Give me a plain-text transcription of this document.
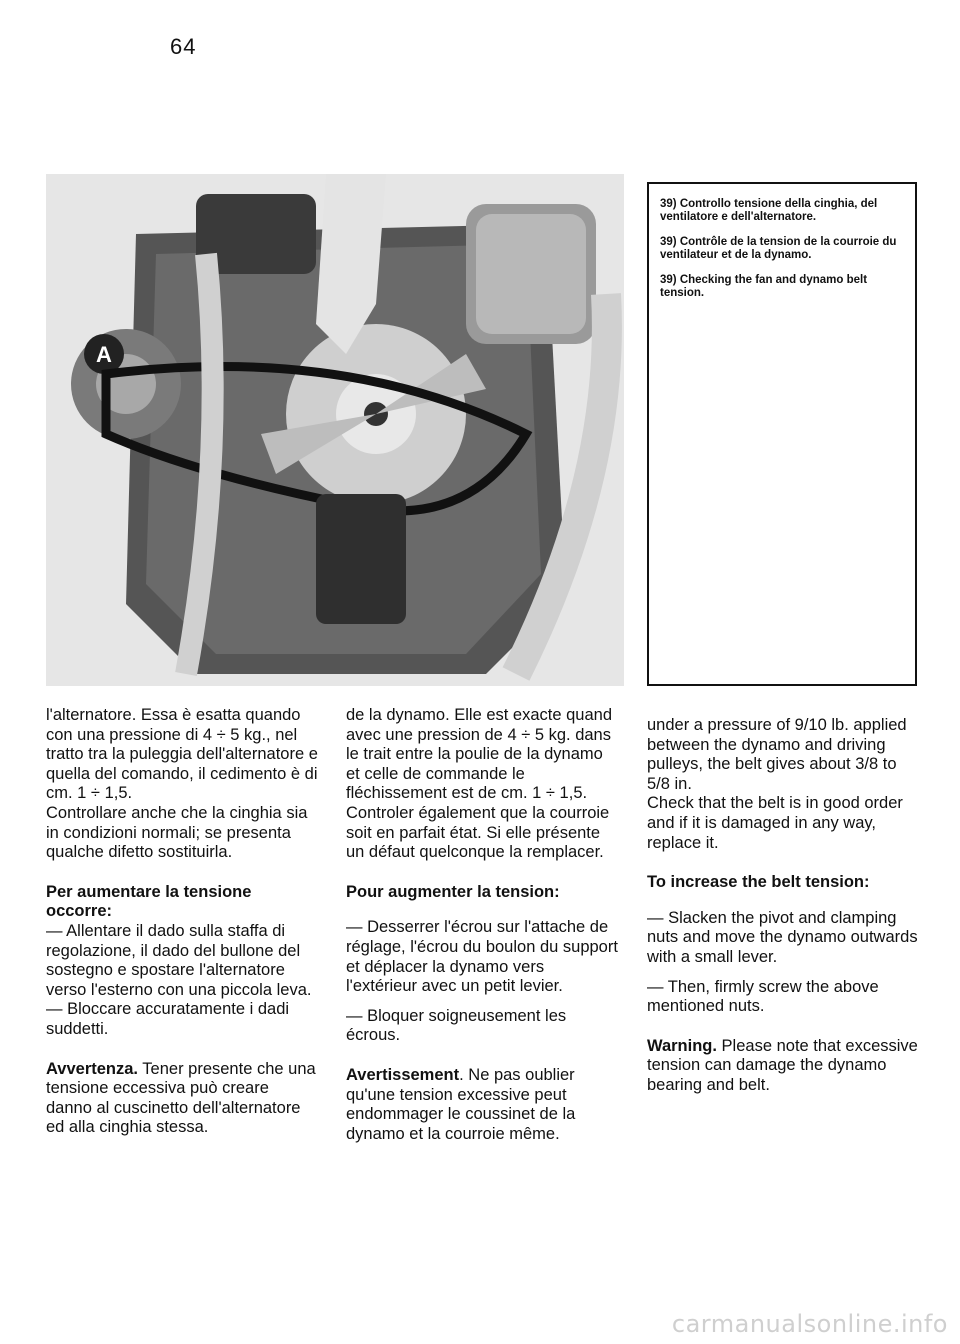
64
A

39) Controllo tensione della cinghia, del ventilatore e dell'alternatore.

39) Contrôle de la tension de la courroie du ventilateur et de la dynamo.

39) Checking the fan and dynamo belt tension.

l'alternatore. Essa è esatta quando con una pressione di 4 ÷ 5 kg., nel tratto tra la puleggia dell'alternatore e quella del comando, il cedimento è di cm. 1 ÷ 1,5.

Controllare anche che la cinghia sia in condizioni normali; se presenta qualche difetto sostituirla.

Per aumentare la tensione occorre:

— Allentare il dado sulla staffa di regolazione, il dado del bullone del sostegno e spostare l'alternatore verso l'esterno con una piccola leva.

— Bloccare accuratamente i dadi suddetti.

Avvertenza. Tener presente che una tensione eccessiva può creare danno al cuscinetto dell'alternatore ed alla cinghia stessa.

de la dynamo. Elle est exacte quand avec une pression de 4 ÷ 5 kg. dans le trait entre la poulie de la dynamo et celle de commande le fléchissement est de cm. 1 ÷ 1,5.

Controler également que la courroie soit en parfait état. Si elle présente un défaut quelconque la remplacer.

Pour augmenter la tension:

— Desserrer l'écrou sur l'attache de réglage, l'écrou du boulon du support et déplacer la dynamo vers l'extérieur avec un petit levier.

— Bloquer soigneusement les écrous.

Avertissement. Ne pas oublier qu'une tension excessive peut endommager le coussinet de la dynamo et la courroie même.

under a pressure of 9/10 lb. applied between the dynamo and driving pulleys, the belt gives about 3/8 to 5/8 in.

Check that the belt is in good order and if it is damaged in any way, replace it.

To increase the belt tension:

— Slacken the pivot and clamping nuts and move the dynamo outwards with a small lever.

— Then, firmly screw the above mentioned nuts.

Warning. Please note that excessive tension can damage the dynamo bearing and belt.

carmanualsonline.info
